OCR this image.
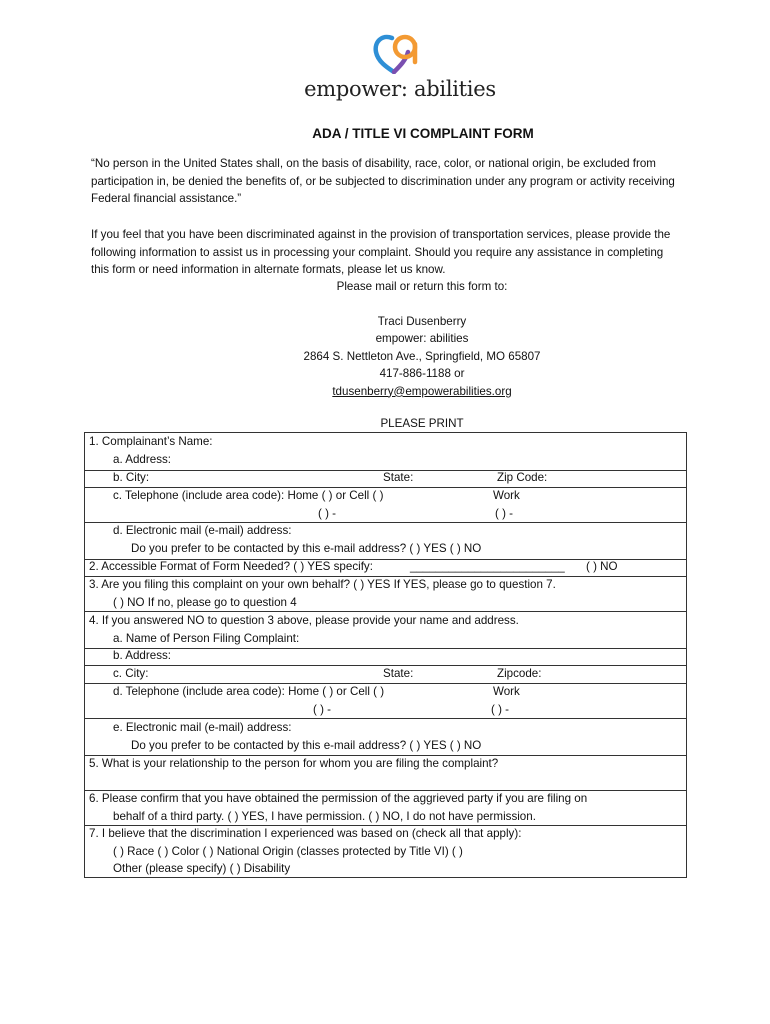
empower: abilities
ADA / TITLE VI COMPLAINT FORM
“No person in the United States shall, on the basis of disability, race, color, or national origin, be excluded from participation in, be denied the benefits of, or be subjected to discrimination under any program or activity receiving Federal financial assistance.”
If you feel that you have been discriminated against in the provision of transportation services, please provide the following information to assist us in processing your complaint. Should you require any assistance in completing this form or need information in alternate formats, please let us know.
Please mail or return this form to:
Traci Dusenberry
empower: abilities
2864 S. Nettleton Ave., Springfield, MO 65807
417-886-1188 or
tdusenberry@empowerabilities.org
PLEASE PRINT
1. Complainant’s Name:
a. Address:
b. City:	State:	Zip Code:
c. Telephone (include area code): Home ( ) or Cell ( )	Work
( ) -	( ) -
d. Electronic mail (e-mail) address:
Do you prefer to be contacted by this e-mail address? ( ) YES ( ) NO
2. Accessible Format of Form Needed? ( ) YES specify:	________________________ ( ) NO
3. Are you filing this complaint on your own behalf? ( ) YES If YES, please go to question 7.
( ) NO If no, please go to question 4
4. If you answered NO to question 3 above, please provide your name and address.
a. Name of Person Filing Complaint:
b. Address:
c. City:	State:	Zipcode:
d. Telephone (include area code): Home ( ) or Cell ( )	Work
( ) -	( ) -
e. Electronic mail (e-mail) address:
Do you prefer to be contacted by this e-mail address? ( ) YES ( ) NO
5. What is your relationship to the person for whom you are filing the complaint?
6. Please confirm that you have obtained the permission of the aggrieved party if you are filing on
behalf of a third party. ( ) YES, I have permission. ( ) NO, I do not have permission.
7. I believe that the discrimination I experienced was based on (check all that apply):
( ) Race ( ) Color ( ) National Origin (classes protected by Title VI) ( )
Other (please specify) ( ) Disability
